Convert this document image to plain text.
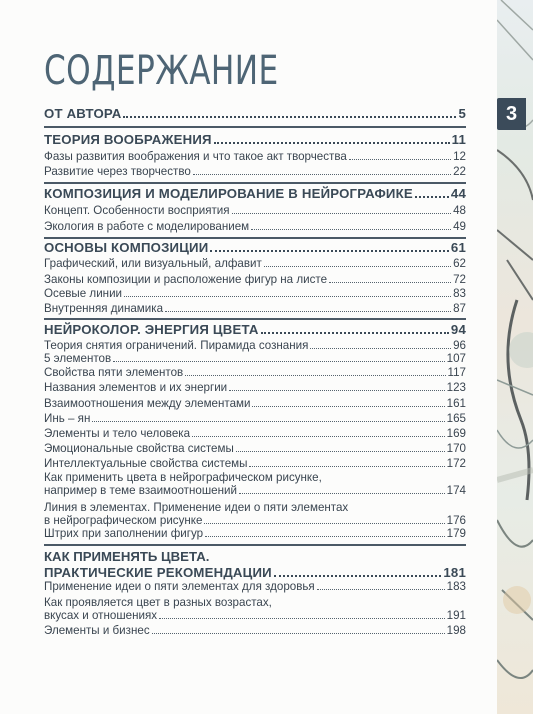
3
СОДЕРЖАНИЕ
ОТ АВТОРА	5
ТЕОРИЯ ВООБРАЖЕНИЯ	11
Фазы развития воображения и что такое акт творчества	12
Развитие через творчество	22
КОМПОЗИЦИЯ И МОДЕЛИРОВАНИЕ В НЕЙРОГРАФИКЕ	44
Концепт. Особенности восприятия	48
Экология в работе с моделированием	49
ОСНОВЫ КОМПОЗИЦИИ	61
Графический, или визуальный, алфавит	62
Законы композиции и расположение фигур на листе	72
Осевые линии	83
Внутренняя динамика	87
НЕЙРОКОЛОР. ЭНЕРГИЯ ЦВЕТА	94
Теория снятия ограничений. Пирамида сознания	96
5 элементов	107
Свойства пяти элементов	117
Названия элементов и их энергии	123
Взаимоотношения между элементами	161
Инь – ян	165
Элементы и тело человека	169
Эмоциональные свойства системы	170
Интеллектуальные свойства системы	172
Как применить цвета в нейрографическом рисунке,
например в теме взаимоотношений	174
Линия в элементах. Применение идеи о пяти элементах
в нейрографическом рисунке	176
Штрих при заполнении фигур	179
КАК ПРИМЕНЯТЬ ЦВЕТА.
ПРАКТИЧЕСКИЕ РЕКОМЕНДАЦИИ	181
Применение идеи о пяти элементах для здоровья	183
Как проявляется цвет в разных возрастах,
вкусах и отношениях	191
Элементы и бизнес	198
